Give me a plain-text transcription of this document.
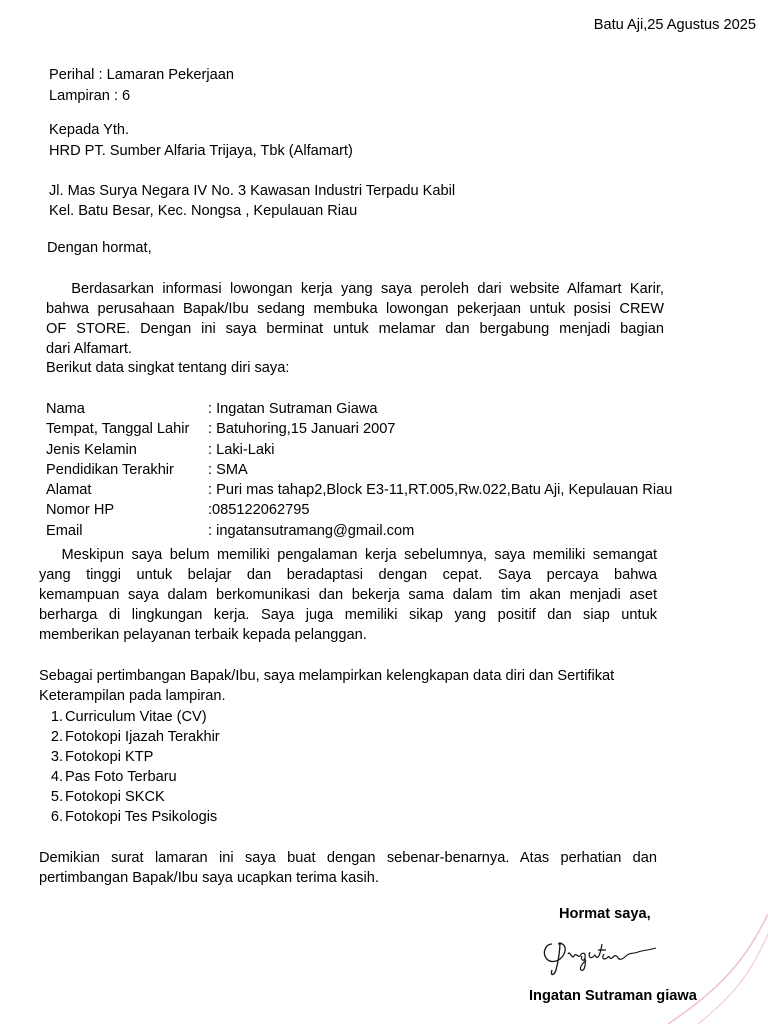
Batu Aji,25 Agustus 2025
Perihal : Lamaran Pekerjaan
Lampiran : 6
Kepada Yth.
HRD PT. Sumber Alfaria Trijaya, Tbk (Alfamart)
Jl. Mas Surya Negara IV No. 3 Kawasan Industri Terpadu Kabil
Kel. Batu Besar, Kec. Nongsa , Kepulauan Riau
Dengan hormat,
Berdasarkan informasi lowongan kerja yang saya peroleh dari website Alfamart Karir,
bahwa perusahaan Bapak/Ibu sedang membuka lowongan pekerjaan untuk posisi CREW
OF STORE. Dengan ini saya berminat untuk melamar dan bergabung menjadi bagian
dari Alfamart.
Berikut data singkat tentang diri saya:
Nama	: Ingatan Sutraman Giawa
Tempat, Tanggal Lahir	: Batuhoring,15 Januari 2007
Jenis Kelamin	: Laki-Laki
Pendidikan Terakhir	: SMA
Alamat	: Puri mas tahap2,Block E3-11,RT.005,Rw.022,Batu Aji, Kepulauan Riau
Nomor HP	:085122062795
Email	: ingatansutramang@gmail.com
Meskipun saya belum memiliki pengalaman kerja sebelumnya, saya memiliki semangat
yang tinggi untuk belajar dan beradaptasi dengan cepat. Saya percaya bahwa
kemampuan saya dalam berkomunikasi dan bekerja sama dalam tim akan menjadi aset
berharga di lingkungan kerja. Saya juga memiliki sikap yang positif dan siap untuk
memberikan pelayanan terbaik kepada pelanggan.
Sebagai pertimbangan Bapak/Ibu, saya melampirkan kelengkapan data diri dan Sertifikat
Keterampilan pada lampiran.
1. Curriculum Vitae (CV)
2. Fotokopi Ijazah Terakhir
3. Fotokopi KTP
4. Pas Foto Terbaru
5. Fotokopi SKCK
6. Fotokopi Tes Psikologis
Demikian surat lamaran ini saya buat dengan sebenar-benarnya. Atas perhatian dan
pertimbangan Bapak/Ibu saya ucapkan terima kasih.
Hormat saya,
Ingatan Sutraman giawa
